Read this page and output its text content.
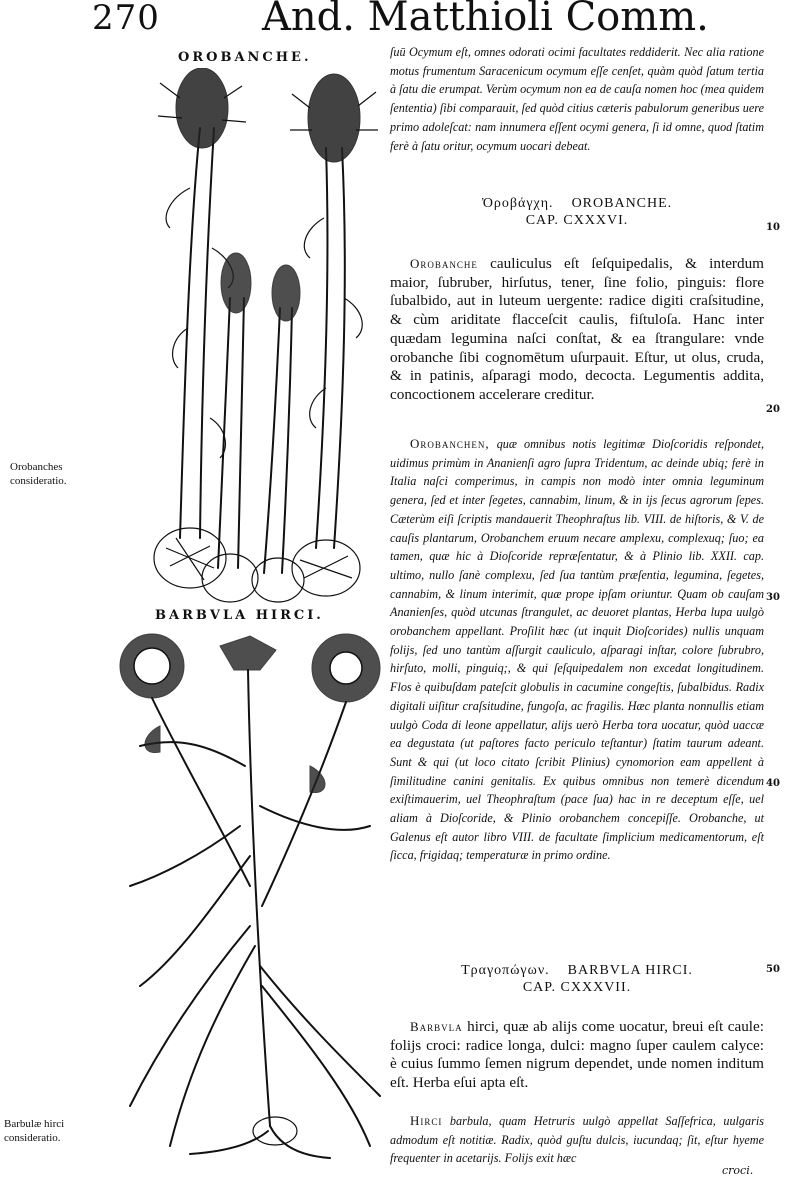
270	And. Matthioli Comm.
OROBANCHE.
BARBVLA HIRCI.
Orobanches
consideratio.
Barbulæ hirci
consideratio.
10
20
30
40
50
ſuū Ocymum eſt, omnes odorati ocimi facultates reddiderit. Nec alia ratione motus frumentum Saracenicum ocymum eſſe cenſet, quàm quòd ſatum tertia à ſatu die erumpat. Verùm ocymum non ea de cauſa nomen hoc (mea quidem ſententia) ſibi comparauit, ſed quòd citius cæteris pabulorum generibus uere primo adoleſcat: nam innumera eſſent ocymi genera, ſi id omne, quod ſtatim ferè à ſatu oritur, ocymum uocari debeat.
Ὀροβάγχη. OROBANCHE.
CAP. CXXXVI.
Orobanche cauliculus eſt ſeſquipedalis, & interdum maior, ſubruber, hirſutus, tener, ſine folio, pinguis: flore ſubalbido, aut in luteum uergente: radice digiti craſsitudine, & cùm ariditate flacceſcit caulis, fiſtuloſa. Hanc inter quædam legumina naſci conſtat, & ea ſtrangulare: vnde orobanche ſibi cognomētum uſurpauit. Eſtur, ut olus, cruda, & in patinis, aſparagi modo, decocta. Legumentis addita, concoctionem accelerare creditur.
Orobanchen, quæ omnibus notis legitimæ Dioſcoridis reſpondet, uidimus primùm in Ananienſi agro ſupra Tridentum, ac deinde ubiq; ferè in Italia naſci comperimus, in campis non modò inter omnia leguminum genera, ſed et inter ſegetes, cannabim, linum, & in ijs ſecus agrorum ſepes. Cæterùm eiſi ſcriptis mandauerit Theophraſtus lib. VIII. de hiſtoris, & V. de cauſis plantarum, Orobanchem eruum necare amplexu, complexuq; ſuo; ea tamen, quæ hic à Dioſcoride repræſentatur, & à Plinio lib. XXII. cap. ultimo, nullo ſanè complexu, ſed ſua tantùm præſentia, legumina, ſegetes, cannabim, & linum interimit, quæ prope ipſam oriuntur. Quam ob cauſam Ananienſes, quòd utcunas ſtrangulet, ac deuoret plantas, Herba lupa uulgò orobanchem appellant. Proſilit hæc (ut inquit Dioſcorides) nullis unquam folijs, ſed uno tantùm aſſurgit cauliculo, aſparagi inſtar, colore ſubrubro, hirſuto, molli, pinguiq;, & qui ſeſquipedalem non excedat longitudinem. Flos è quibuſdam pateſcit globulis in cacumine congeſtis, ſubalbidus. Radix digitali uiſitur craſsitudine, fungoſa, ac fragilis. Hæc planta nonnullis etiam uulgò Coda di leone appellatur, alijs uerò Herba tora uocatur, quòd uaccæ ea degustata (ut paſtores facto periculo teſtantur) ſtatim taurum adeant. Sunt & qui (ut loco citato ſcribit Plinius) cynomorion eam appellent à ſimilitudine canini genitalis. Ex quibus omnibus non temerè dicendum exiſtimauerim, uel Theophraſtum (pace ſua) hac in re deceptum eſſe, uel aliam à Dioſcoride, & Plinio orobanchem concepiſſe. Orobanche, ut Galenus eſt autor libro VIII. de facultate ſimplicium medicamentorum, eſt ſicca, frigidaq; temperaturæ in primo ordine.
Τραγοπώγων. BARBVLA HIRCI.
CAP. CXXXVII.
Barbvla hirci, quæ ab alijs come uocatur, breui eſt caule: folijs croci: radice longa, dulci: magno ſuper caulem calyce: è cuius ſummo ſemen nigrum dependet, unde nomen inditum eſt. Herba eſui apta eſt.
Hirci barbula, quam Hetruris uulgò appellat Saſſefrica, uulgaris admodum eſt notitiæ. Radix, quòd guſtu dulcis, iucundaq; ſit, eſtur hyeme frequenter in acetarijs. Folijs exit hæc
croci.
